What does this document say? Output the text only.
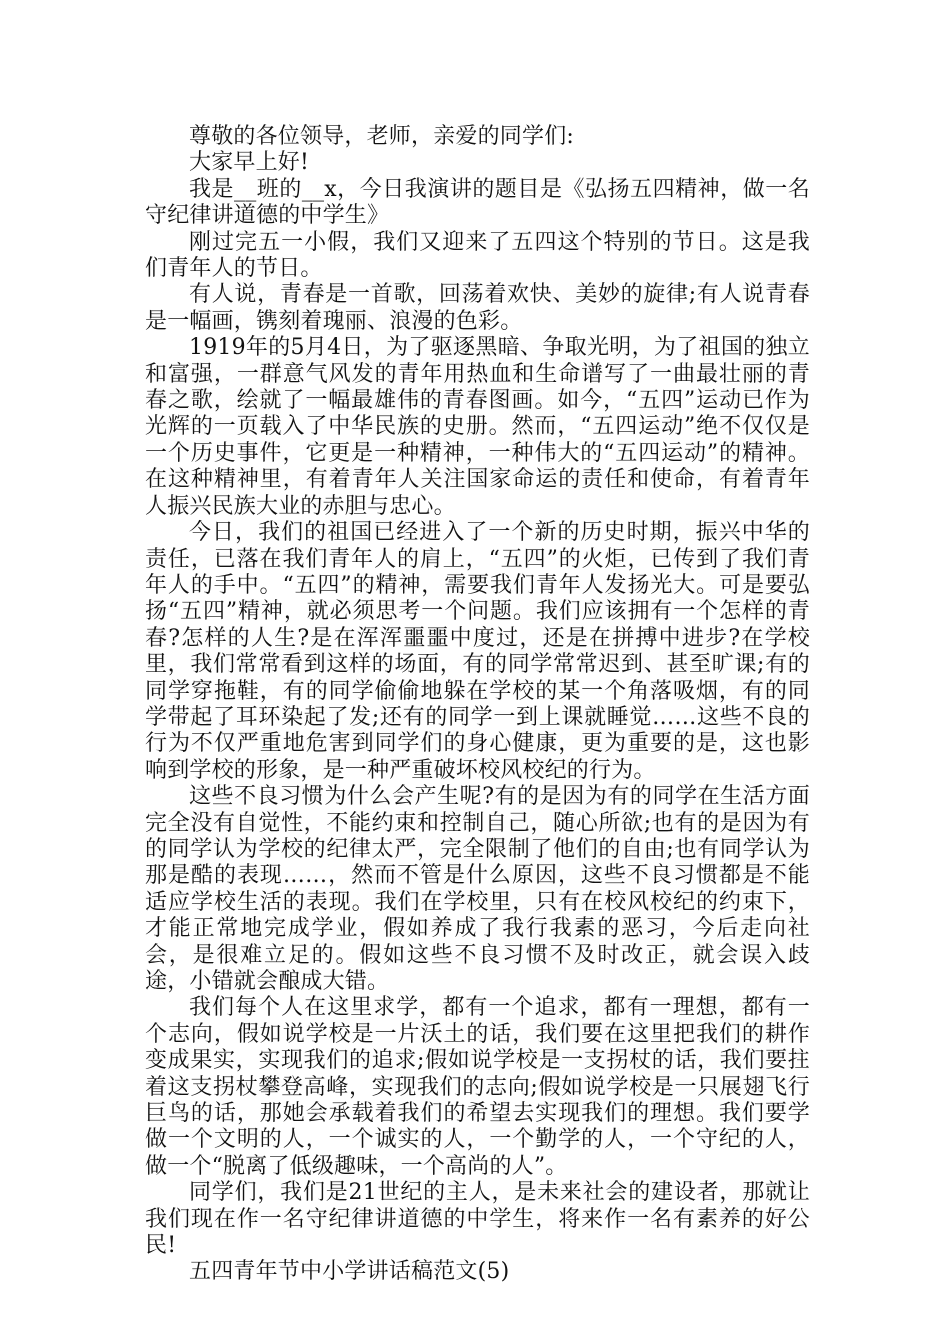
尊敬的各位领导，老师，亲爱的同学们:

大家早上好!

我是__班的__x，今日我演讲的题目是《弘扬五四精神，做一名守纪律讲道德的中学生》

刚过完五一小假，我们又迎来了五四这个特别的节日。这是我们青年人的节日。

有人说，青春是一首歌，回荡着欢快、美妙的旋律;有人说青春是一幅画，镌刻着瑰丽、浪漫的色彩。

1919年的5月4日，为了驱逐黑暗、争取光明，为了祖国的独立和富强，一群意气风发的青年用热血和生命谱写了一曲最壮丽的青春之歌，绘就了一幅最雄伟的青春图画。如今，“五四”运动已作为光辉的一页载入了中华民族的史册。然而，“五四运动”绝不仅仅是一个历史事件，它更是一种精神，一种伟大的“五四运动”的精神。在这种精神里，有着青年人关注国家命运的责任和使命，有着青年人振兴民族大业的赤胆与忠心。

今日，我们的祖国已经进入了一个新的历史时期，振兴中华的责任，已落在我们青年人的肩上，“五四”的火炬，已传到了我们青年人的手中。“五四”的精神，需要我们青年人发扬光大。可是要弘扬“五四”精神，就必须思考一个问题。我们应该拥有一个怎样的青春?怎样的人生?是在浑浑噩噩中度过，还是在拼搏中进步?在学校里，我们常常看到这样的场面，有的同学常常迟到、甚至旷课;有的同学穿拖鞋，有的同学偷偷地躲在学校的某一个角落吸烟，有的同学带起了耳环染起了发;还有的同学一到上课就睡觉……这些不良的行为不仅严重地危害到同学们的身心健康，更为重要的是，这也影响到学校的形象，是一种严重破坏校风校纪的行为。

这些不良习惯为什么会产生呢?有的是因为有的同学在生活方面完全没有自觉性，不能约束和控制自己，随心所欲;也有的是因为有的同学认为学校的纪律太严，完全限制了他们的自由;也有同学认为那是酷的表现……，然而不管是什么原因，这些不良习惯都是不能适应学校生活的表现。我们在学校里，只有在校风校纪的约束下，才能正常地完成学业，假如养成了我行我素的恶习，今后走向社会，是很难立足的。假如这些不良习惯不及时改正，就会误入歧途，小错就会酿成大错。

我们每个人在这里求学，都有一个追求，都有一理想，都有一个志向，假如说学校是一片沃土的话，我们要在这里把我们的耕作变成果实，实现我们的追求;假如说学校是一支拐杖的话，我们要拄着这支拐杖攀登高峰，实现我们的志向;假如说学校是一只展翅飞行巨鸟的话，那她会承载着我们的希望去实现我们的理想。我们要学做一个文明的人，一个诚实的人，一个勤学的人，一个守纪的人，做一个“脱离了低级趣味，一个高尚的人”。

同学们，我们是21世纪的主人，是未来社会的建设者，那就让我们现在作一名守纪律讲道德的中学生，将来作一名有素养的好公民!

五四青年节中小学讲话稿范文(5)
